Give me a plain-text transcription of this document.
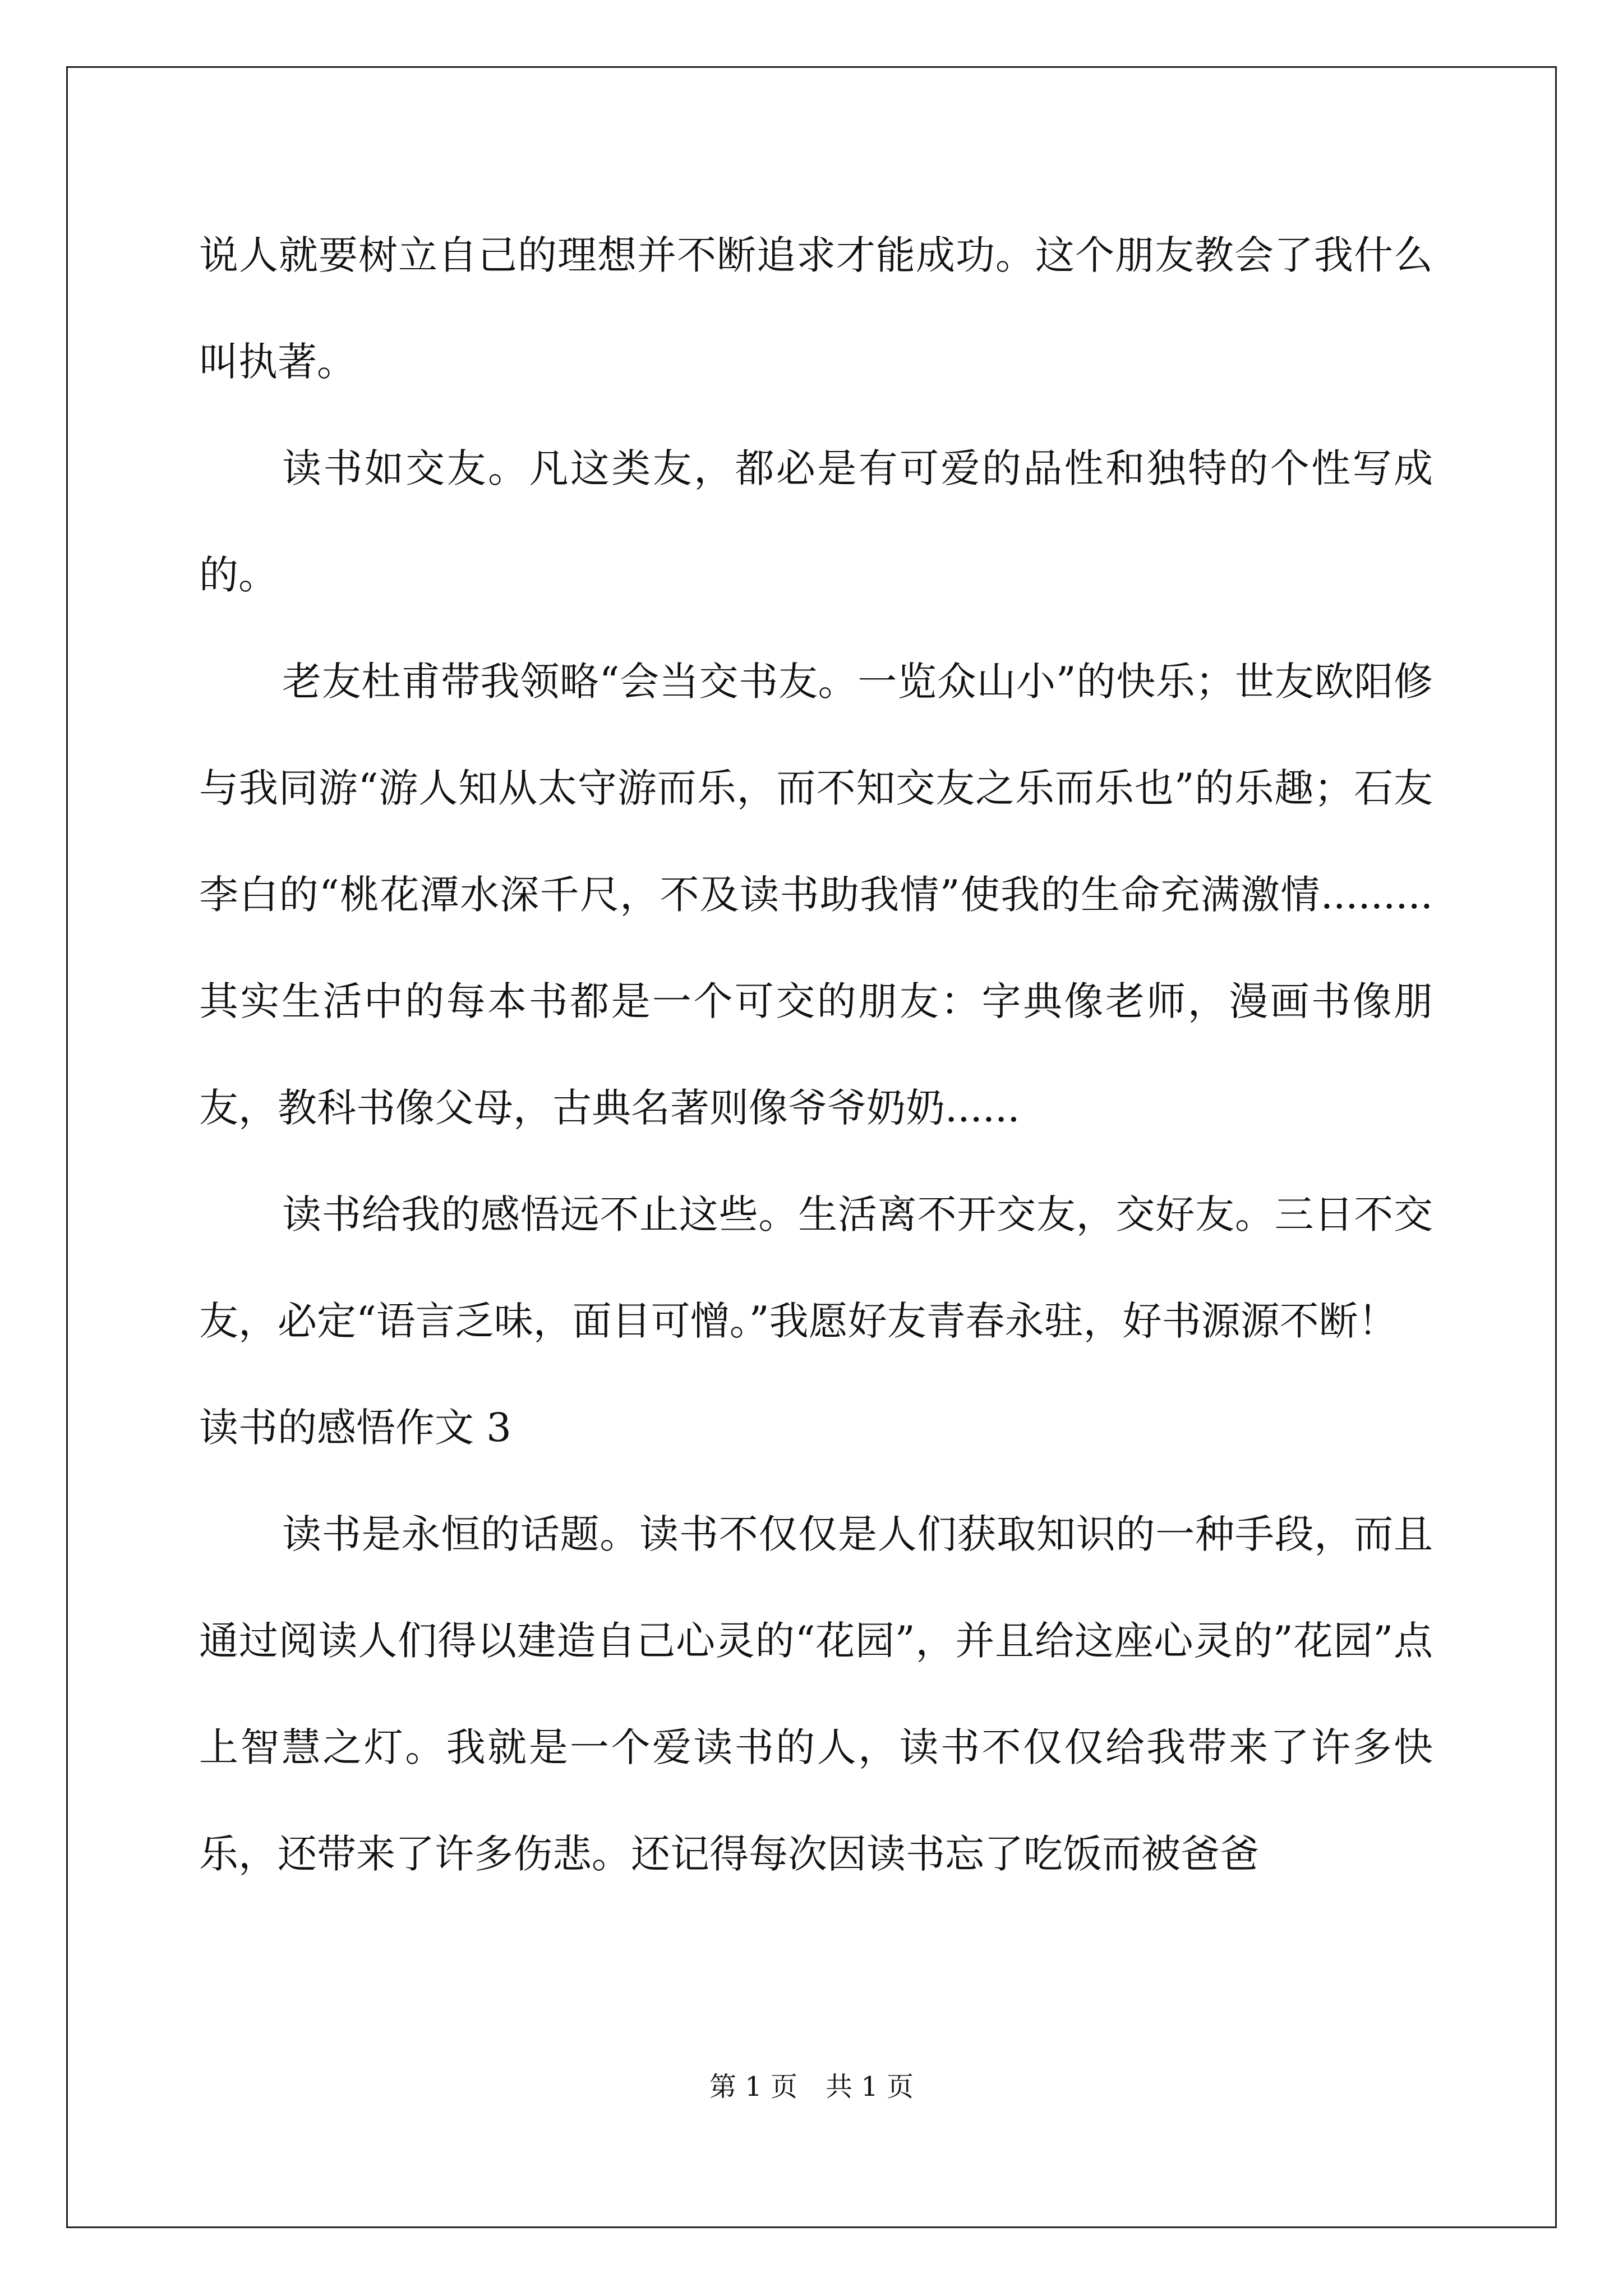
说人就要树立自己的理想并不断追求才能成功。这个朋友教会了我什么叫执著。

读书如交友。凡这类友，都必是有可爱的品性和独特的个性写成的。

老友杜甫带我领略“会当交书友。一览众山小”的快乐；世友欧阳修与我同游“游人知从太守游而乐，而不知交友之乐而乐也”的乐趣；石友李白的“桃花潭水深千尺，不及读书助我情”使我的生命充满激情.........其实生活中的每本书都是一个可交的朋友：字典像老师，漫画书像朋友，教科书像父母，古典名著则像爷爷奶奶......

读书给我的感悟远不止这些。生活离不开交友，交好友。三日不交友，必定“语言乏味，面目可憎。”我愿好友青春永驻，好书源源不断！

读书的感悟作文 3

读书是永恒的话题。读书不仅仅是人们获取知识的一种手段，而且通过阅读人们得以建造自己心灵的“花园”，并且给这座心灵的”花园”点上智慧之灯。我就是一个爱读书的人，读书不仅仅给我带来了许多快乐，还带来了许多伤悲。还记得每次因读书忘了吃饭而被爸爸

第 1 页 共 1 页
